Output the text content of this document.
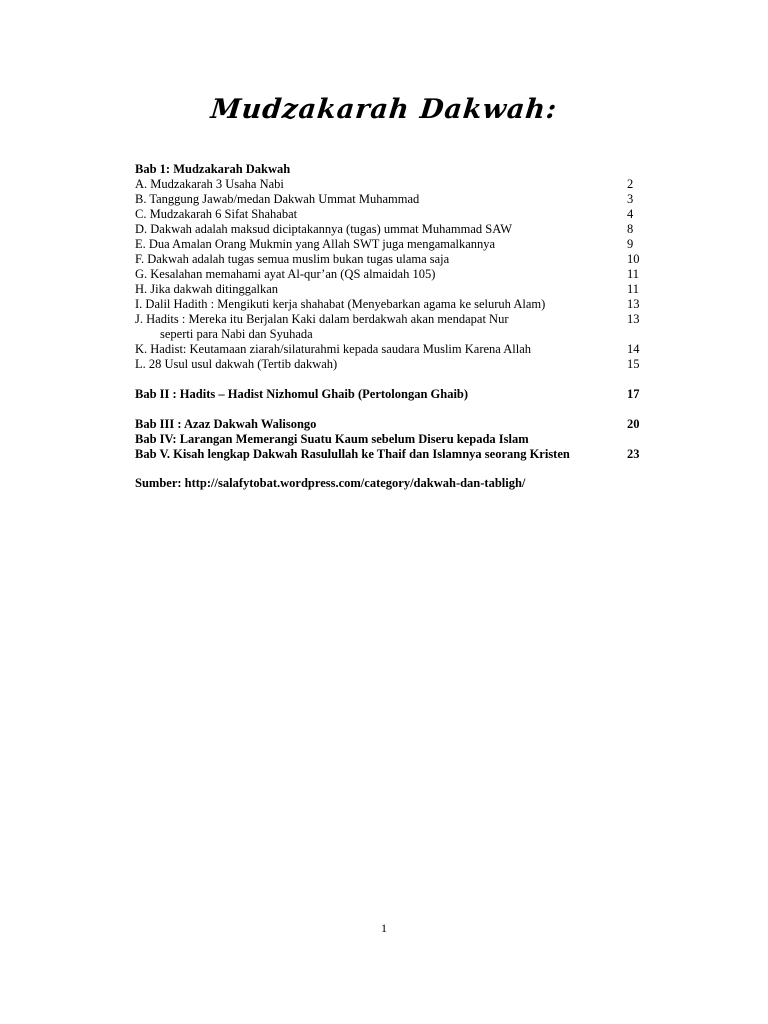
Mudzakarah Dakwah:
Bab 1: Mudzakarah Dakwah
A. Mudzakarah 3 Usaha Nabi	2
B. Tanggung Jawab/medan Dakwah Ummat Muhammad	3
C. Mudzakarah 6 Sifat Shahabat	4
D. Dakwah adalah maksud diciptakannya (tugas) ummat Muhammad SAW	8
E. Dua Amalan Orang Mukmin yang Allah SWT juga mengamalkannya	9
F. Dakwah adalah tugas semua muslim bukan tugas ulama saja	10
G. Kesalahan memahami ayat Al-qur’an (QS almaidah 105)	11
H. Jika dakwah ditinggalkan	11
I. Dalil Hadith : Mengikuti kerja shahabat (Menyebarkan agama ke seluruh Alam)	13
J. Hadits : Mereka itu Berjalan Kaki dalam berdakwah akan mendapat Nur	13
seperti para Nabi dan Syuhada
K. Hadist: Keutamaan ziarah/silaturahmi kepada saudara Muslim Karena Allah	14
L. 28 Usul usul dakwah (Tertib dakwah)	15
Bab II : Hadits – Hadist Nizhomul Ghaib (Pertolongan Ghaib)	17
Bab III : Azaz Dakwah Walisongo	20
Bab IV: Larangan Memerangi Suatu Kaum sebelum Diseru kepada Islam
Bab V. Kisah lengkap Dakwah Rasulullah ke Thaif dan Islamnya seorang Kristen	23
Sumber: http://salafytobat.wordpress.com/category/dakwah-dan-tabligh/
1
